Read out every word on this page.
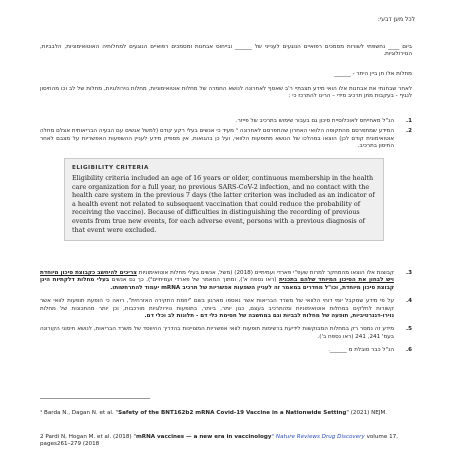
לכל מען דבעי:

ביום ____ נחשפתי לשורות מסמכים רפואיים הנוגעים לענייני של ______ ובייחוס אבחנות ומסמכים רפואיים הנוגעים למחלותיה האוטואימוניות, הלבביות, הנוירולוגיות.

מחלות אלו חן ביין היתר - ______

לאחר שבחנתי את אבחנות אלו הואי מידע תצבתיי ר'ב שאסף לאחרונה לנושא החמרה של מחלות אוטואימוניות, מחלות נוירולוגיות, מחלות של לב וכו מהחיסון לנגיף - בעקבות מתן תרכיב מידי – הרינו להתרכז כי :

1.
הנ"ל מאחייחס לאוכלוסיית סיכון גם בעבור שימוש בתרכיב של פייזר.
2.
המידע שמתפרסם מהתקופה הלוואי האחרון שהתפרסם לאחרונה ¹ מעיד כי אנשים בעלי רקע קודם (למשל אנשים עם הבעיה הבריאותית אצלם מחלה אוטואימונית קודם לכן) הוצאו במהלכו של הנושא מתופעות הלוואי, ועל כן בהגואות, אין מספיק מידע לעניין ההשפעות האפשריות על מצבם לאחר החיסון בתרכיב.

ELIGIBILITY CRITERIA

Eligibility criteria included an age of 16 years or older, continuous membership in the health care organization for a full year, no previous SARS-CoV-2 infection, and no contact with the health care system in the previous 7 days (the latter criterion was included as an indicator of a health event not related to subsequent vaccination that could reduce the probability of receiving the vaccine). Because of difficulties in distinguishing the recording of previous events from true new events, for each adverse event, persons with a previous diagnosis of that event were excluded.

3.
קבוצות אלו הוצאו מהמחקר למרות שעפ"י פארדי ועמיתיים (2018) (משל, אנשים בעלי מחלות אוטואימוניות צריכים להיחשב כקבוצת סיכון מיוחדת ויש לבחון את הסיכון המיוחד שלהם בתכנית (ראו נספח א'), ומתוך המאמר של פארדי ועמיתיים²). כך גם אנשים בעלי מחלות דלקתיות הינן קבוצת סיכון מיוחדת, וכו"ל מחדרים במאמר זה לעניין השפעות אפשריות של תרכיב mRNA יעמוד להתרחשותו.
4.
על פי מידע שמקבל יומי דוחי הלוואי של משרד הבריאות אשר נאספו מארגון בשם "יוזמת התקירה האזרחית", רואה כי הופעת תופעות לוואי אשר קשורות לחלקים במחלות אוטואימוניות ומהתרכיב בעצם, כגון יותר, ביותר, בתופעות נוירולוגיות מורכבות, וכן יותר מהתכונות של מחלות נוירו-דגנרטיביות, תופעה של מחלות לבביות וגם במחשבה של חסימת כלי דם - תלונות לב וכלי דם.
5.
מידע זה נמסר רק במחלות המבוקשות לידיעת ברשימות תופעות לוואי אפשריות המצויינות בהדריך ההיווסד של משרד הבריאות, לנושא חיסוני הקורונה בעמ' 241, 241 (ראו נספח ב').
6.
הנ"ל כבר סובלת מ ______.

¹ Barda N., Dagan N. et al. "Safety of the BNT162b2 mRNA Covid-19 Vaccine in a Nationwide Setting" (2021) NEJM.

2 Pardi N, Hogan M. et al. (2018) "mRNA vaccines — a new era in vaccinology" Nature Reviews Drug Discovery volume 17, pages261–279 (2018
